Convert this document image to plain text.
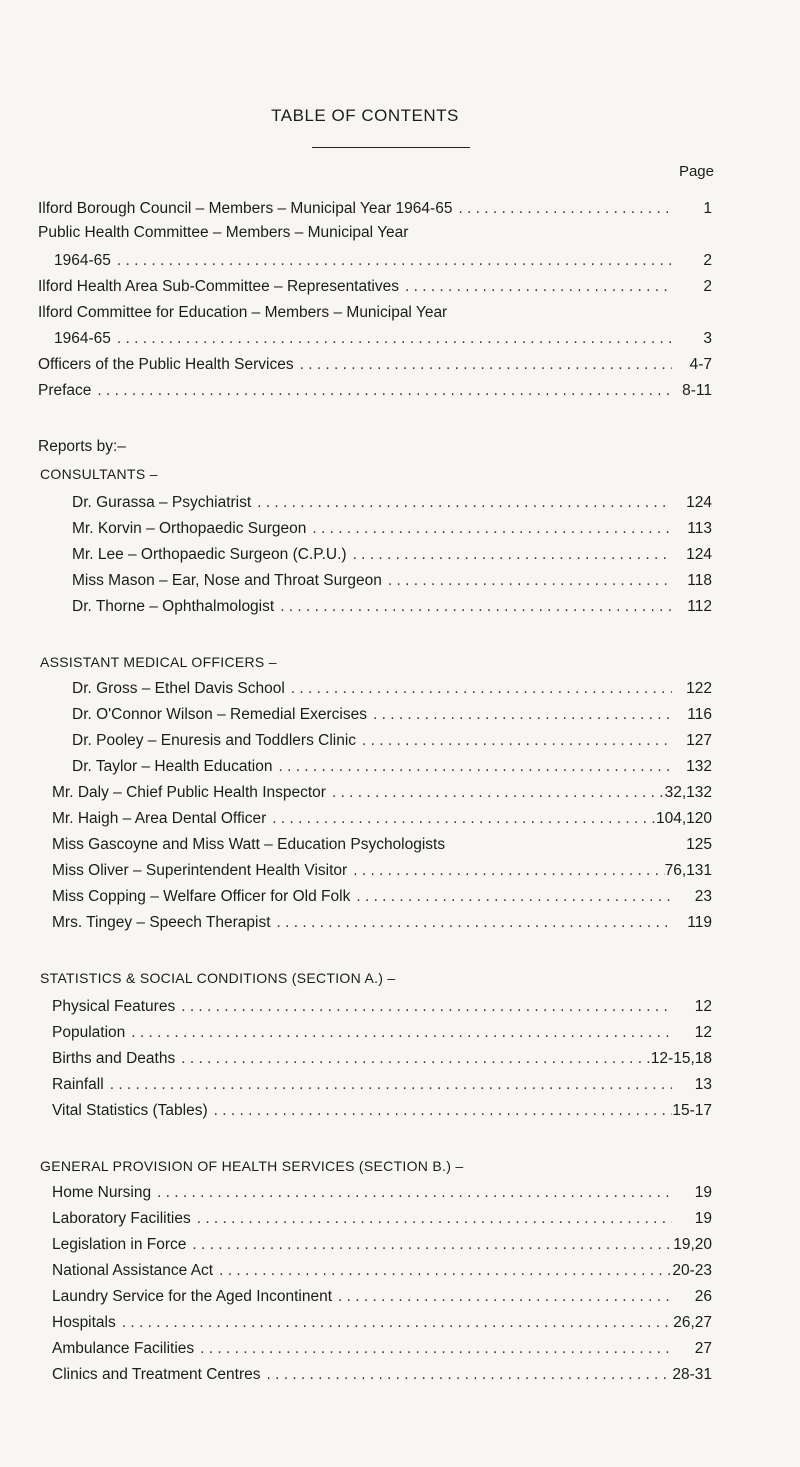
TABLE OF CONTENTS
Page
Ilford Borough Council – Members – Municipal Year 1964-65 . . .	1
Public Health Committee – Members – Municipal Year
1964-65 . . .	2
Ilford Health Area Sub-Committee – Representatives . . .	2
Ilford Committee for Education – Members – Municipal Year
1964-65 . . .	3
Officers of the Public Health Services . . .	4-7
Preface . . .	8-11
Reports by:–
CONSULTANTS –
Dr. Gurassa – Psychiatrist . . .	124
Mr. Korvin – Orthopaedic Surgeon . . .	113
Mr. Lee – Orthopaedic Surgeon (C.P.U.) . . .	124
Miss Mason – Ear, Nose and Throat Surgeon . . .	118
Dr. Thorne – Ophthalmologist . . .	112
ASSISTANT MEDICAL OFFICERS –
Dr. Gross – Ethel Davis School . . .	122
Dr. O'Connor Wilson – Remedial Exercises . . .	116
Dr. Pooley – Enuresis and Toddlers Clinic . . .	127
Dr. Taylor – Health Education . . .	132
Mr. Daly – Chief Public Health Inspector . . .	32,132
Mr. Haigh – Area Dental Officer . . .	104,120
Miss Gascoyne and Miss Watt – Education Psychologists	125
Miss Oliver – Superintendent Health Visitor . . .	76,131
Miss Copping – Welfare Officer for Old Folk . . .	23
Mrs. Tingey – Speech Therapist . . .	119
STATISTICS & SOCIAL CONDITIONS (SECTION A.) –
Physical Features . . .	12
Population . . .	12
Births and Deaths . . .	12-15,18
Rainfall . . .	13
Vital Statistics (Tables) . . .	15-17
GENERAL PROVISION OF HEALTH SERVICES (SECTION B.) –
Home Nursing . . .	19
Laboratory Facilities . . .	19
Legislation in Force . . .	19,20
National Assistance Act . . .	20-23
Laundry Service for the Aged Incontinent . . .	26
Hospitals . . .	26,27
Ambulance Facilities . . .	27
Clinics and Treatment Centres . . .	28-31
